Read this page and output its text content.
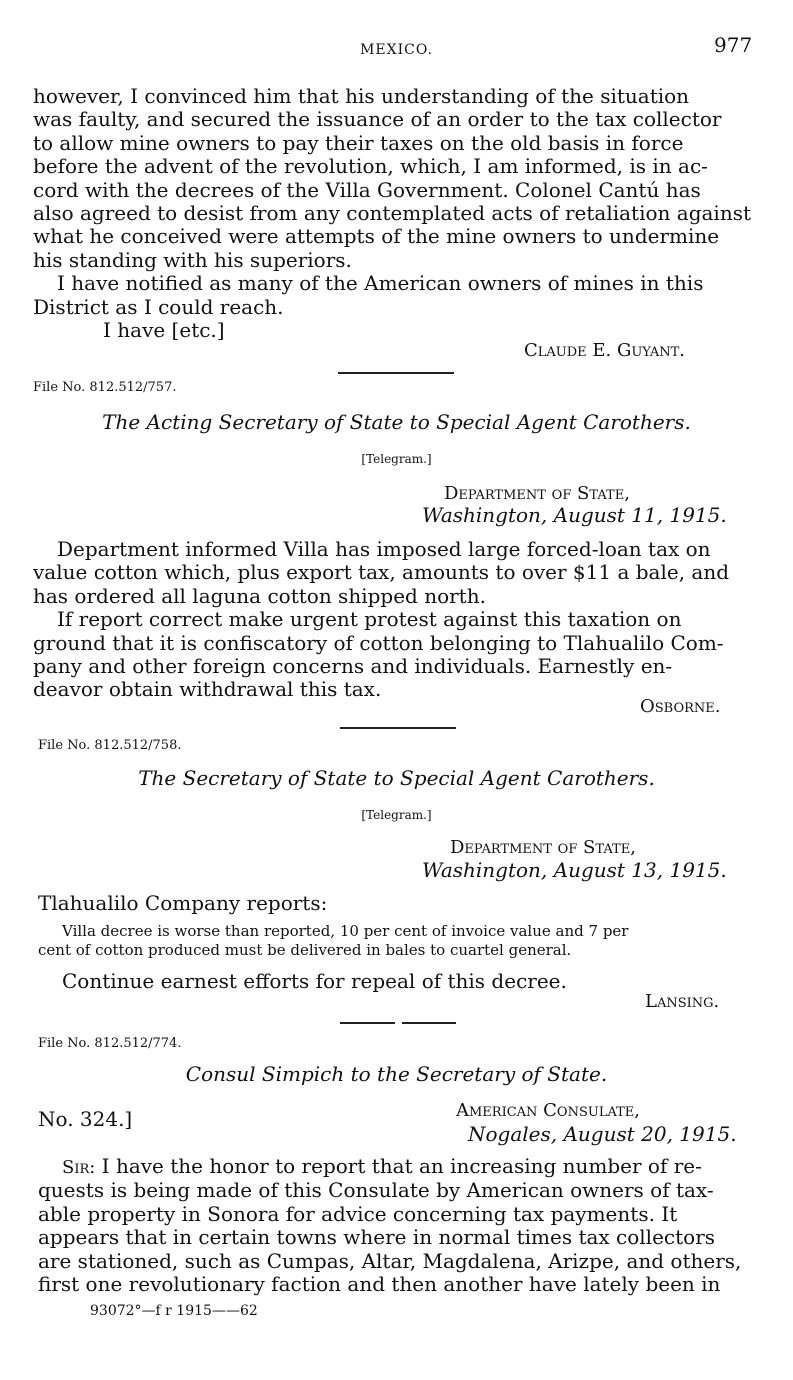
MEXICO.	977
however, I convinced him that his understanding of the situation
was faulty, and secured the issuance of an order to the tax collector
to allow mine owners to pay their taxes on the old basis in force
before the advent of the revolution, which, I am informed, is in ac-
cord with the decrees of the Villa Government. Colonel Cantú has
also agreed to desist from any contemplated acts of retaliation against
what he conceived were attempts of the mine owners to undermine
his standing with his superiors.
I have notified as many of the American owners of mines in this
District as I could reach.
I have [etc.]
Claude E. Guyant.
File No. 812.512/757.
The Acting Secretary of State to Special Agent Carothers.
[Telegram.]
Department of State,
Washington, August 11, 1915.
Department informed Villa has imposed large forced-loan tax on
value cotton which, plus export tax, amounts to over $11 a bale, and
has ordered all laguna cotton shipped north.
If report correct make urgent protest against this taxation on
ground that it is confiscatory of cotton belonging to Tlahualilo Com-
pany and other foreign concerns and individuals. Earnestly en-
deavor obtain withdrawal this tax.
Osborne.
File No. 812.512/758.
The Secretary of State to Special Agent Carothers.
[Telegram.]
Department of State,
Washington, August 13, 1915.
Tlahualilo Company reports:
Villa decree is worse than reported, 10 per cent of invoice value and 7 per
cent of cotton produced must be delivered in bales to cuartel general.
Continue earnest efforts for repeal of this decree.
Lansing.
File No. 812.512/774.
Consul Simpich to the Secretary of State.
No. 324.]	American Consulate,
Nogales, August 20, 1915.
Sir: I have the honor to report that an increasing number of re-
quests is being made of this Consulate by American owners of tax-
able property in Sonora for advice concerning tax payments. It
appears that in certain towns where in normal times tax collectors
are stationed, such as Cumpas, Altar, Magdalena, Arizpe, and others,
first one revolutionary faction and then another have lately been in
93072°—f r 1915——62
